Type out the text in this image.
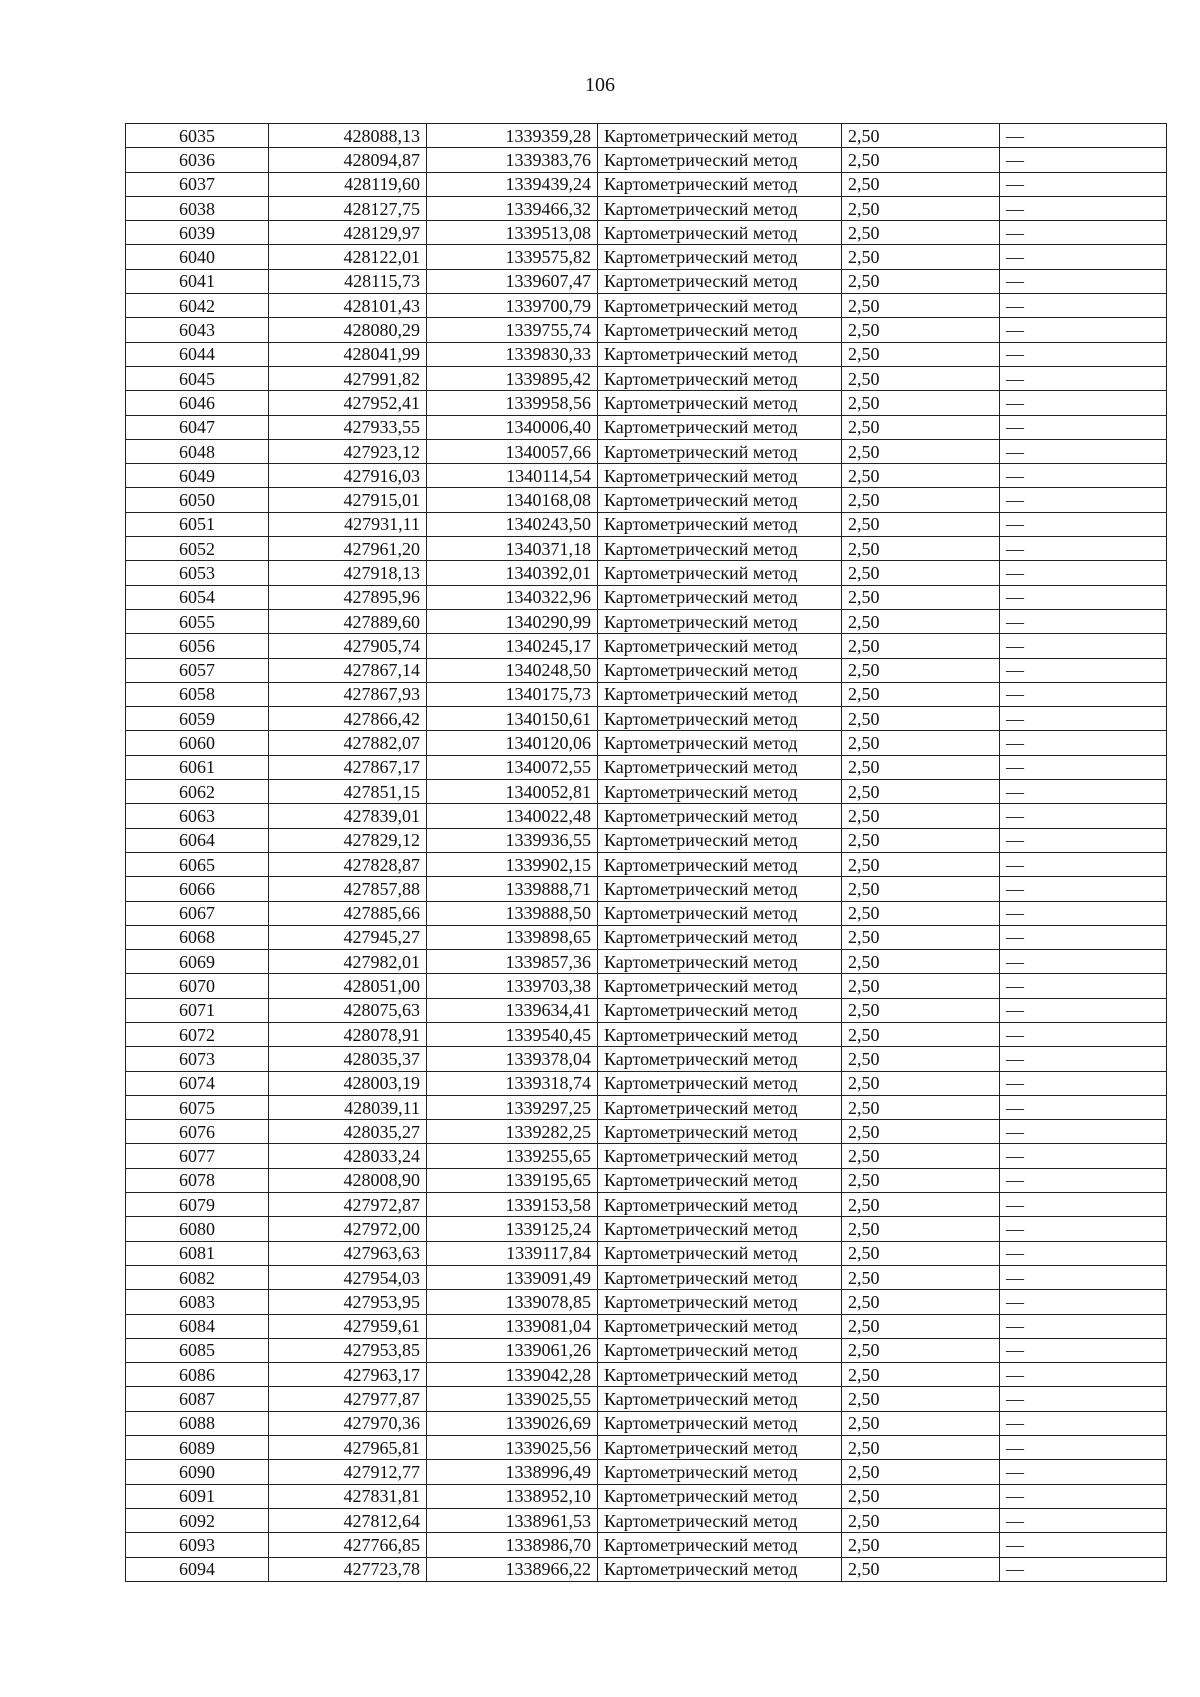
106
6035	428088,13	1339359,28	Картометрический метод	2,50	—
6036	428094,87	1339383,76	Картометрический метод	2,50	—
6037	428119,60	1339439,24	Картометрический метод	2,50	—
6038	428127,75	1339466,32	Картометрический метод	2,50	—
6039	428129,97	1339513,08	Картометрический метод	2,50	—
6040	428122,01	1339575,82	Картометрический метод	2,50	—
6041	428115,73	1339607,47	Картометрический метод	2,50	—
6042	428101,43	1339700,79	Картометрический метод	2,50	—
6043	428080,29	1339755,74	Картометрический метод	2,50	—
6044	428041,99	1339830,33	Картометрический метод	2,50	—
6045	427991,82	1339895,42	Картометрический метод	2,50	—
6046	427952,41	1339958,56	Картометрический метод	2,50	—
6047	427933,55	1340006,40	Картометрический метод	2,50	—
6048	427923,12	1340057,66	Картометрический метод	2,50	—
6049	427916,03	1340114,54	Картометрический метод	2,50	—
6050	427915,01	1340168,08	Картометрический метод	2,50	—
6051	427931,11	1340243,50	Картометрический метод	2,50	—
6052	427961,20	1340371,18	Картометрический метод	2,50	—
6053	427918,13	1340392,01	Картометрический метод	2,50	—
6054	427895,96	1340322,96	Картометрический метод	2,50	—
6055	427889,60	1340290,99	Картометрический метод	2,50	—
6056	427905,74	1340245,17	Картометрический метод	2,50	—
6057	427867,14	1340248,50	Картометрический метод	2,50	—
6058	427867,93	1340175,73	Картометрический метод	2,50	—
6059	427866,42	1340150,61	Картометрический метод	2,50	—
6060	427882,07	1340120,06	Картометрический метод	2,50	—
6061	427867,17	1340072,55	Картометрический метод	2,50	—
6062	427851,15	1340052,81	Картометрический метод	2,50	—
6063	427839,01	1340022,48	Картометрический метод	2,50	—
6064	427829,12	1339936,55	Картометрический метод	2,50	—
6065	427828,87	1339902,15	Картометрический метод	2,50	—
6066	427857,88	1339888,71	Картометрический метод	2,50	—
6067	427885,66	1339888,50	Картометрический метод	2,50	—
6068	427945,27	1339898,65	Картометрический метод	2,50	—
6069	427982,01	1339857,36	Картометрический метод	2,50	—
6070	428051,00	1339703,38	Картометрический метод	2,50	—
6071	428075,63	1339634,41	Картометрический метод	2,50	—
6072	428078,91	1339540,45	Картометрический метод	2,50	—
6073	428035,37	1339378,04	Картометрический метод	2,50	—
6074	428003,19	1339318,74	Картометрический метод	2,50	—
6075	428039,11	1339297,25	Картометрический метод	2,50	—
6076	428035,27	1339282,25	Картометрический метод	2,50	—
6077	428033,24	1339255,65	Картометрический метод	2,50	—
6078	428008,90	1339195,65	Картометрический метод	2,50	—
6079	427972,87	1339153,58	Картометрический метод	2,50	—
6080	427972,00	1339125,24	Картометрический метод	2,50	—
6081	427963,63	1339117,84	Картометрический метод	2,50	—
6082	427954,03	1339091,49	Картометрический метод	2,50	—
6083	427953,95	1339078,85	Картометрический метод	2,50	—
6084	427959,61	1339081,04	Картометрический метод	2,50	—
6085	427953,85	1339061,26	Картометрический метод	2,50	—
6086	427963,17	1339042,28	Картометрический метод	2,50	—
6087	427977,87	1339025,55	Картометрический метод	2,50	—
6088	427970,36	1339026,69	Картометрический метод	2,50	—
6089	427965,81	1339025,56	Картометрический метод	2,50	—
6090	427912,77	1338996,49	Картометрический метод	2,50	—
6091	427831,81	1338952,10	Картометрический метод	2,50	—
6092	427812,64	1338961,53	Картометрический метод	2,50	—
6093	427766,85	1338986,70	Картометрический метод	2,50	—
6094	427723,78	1338966,22	Картометрический метод	2,50	—
